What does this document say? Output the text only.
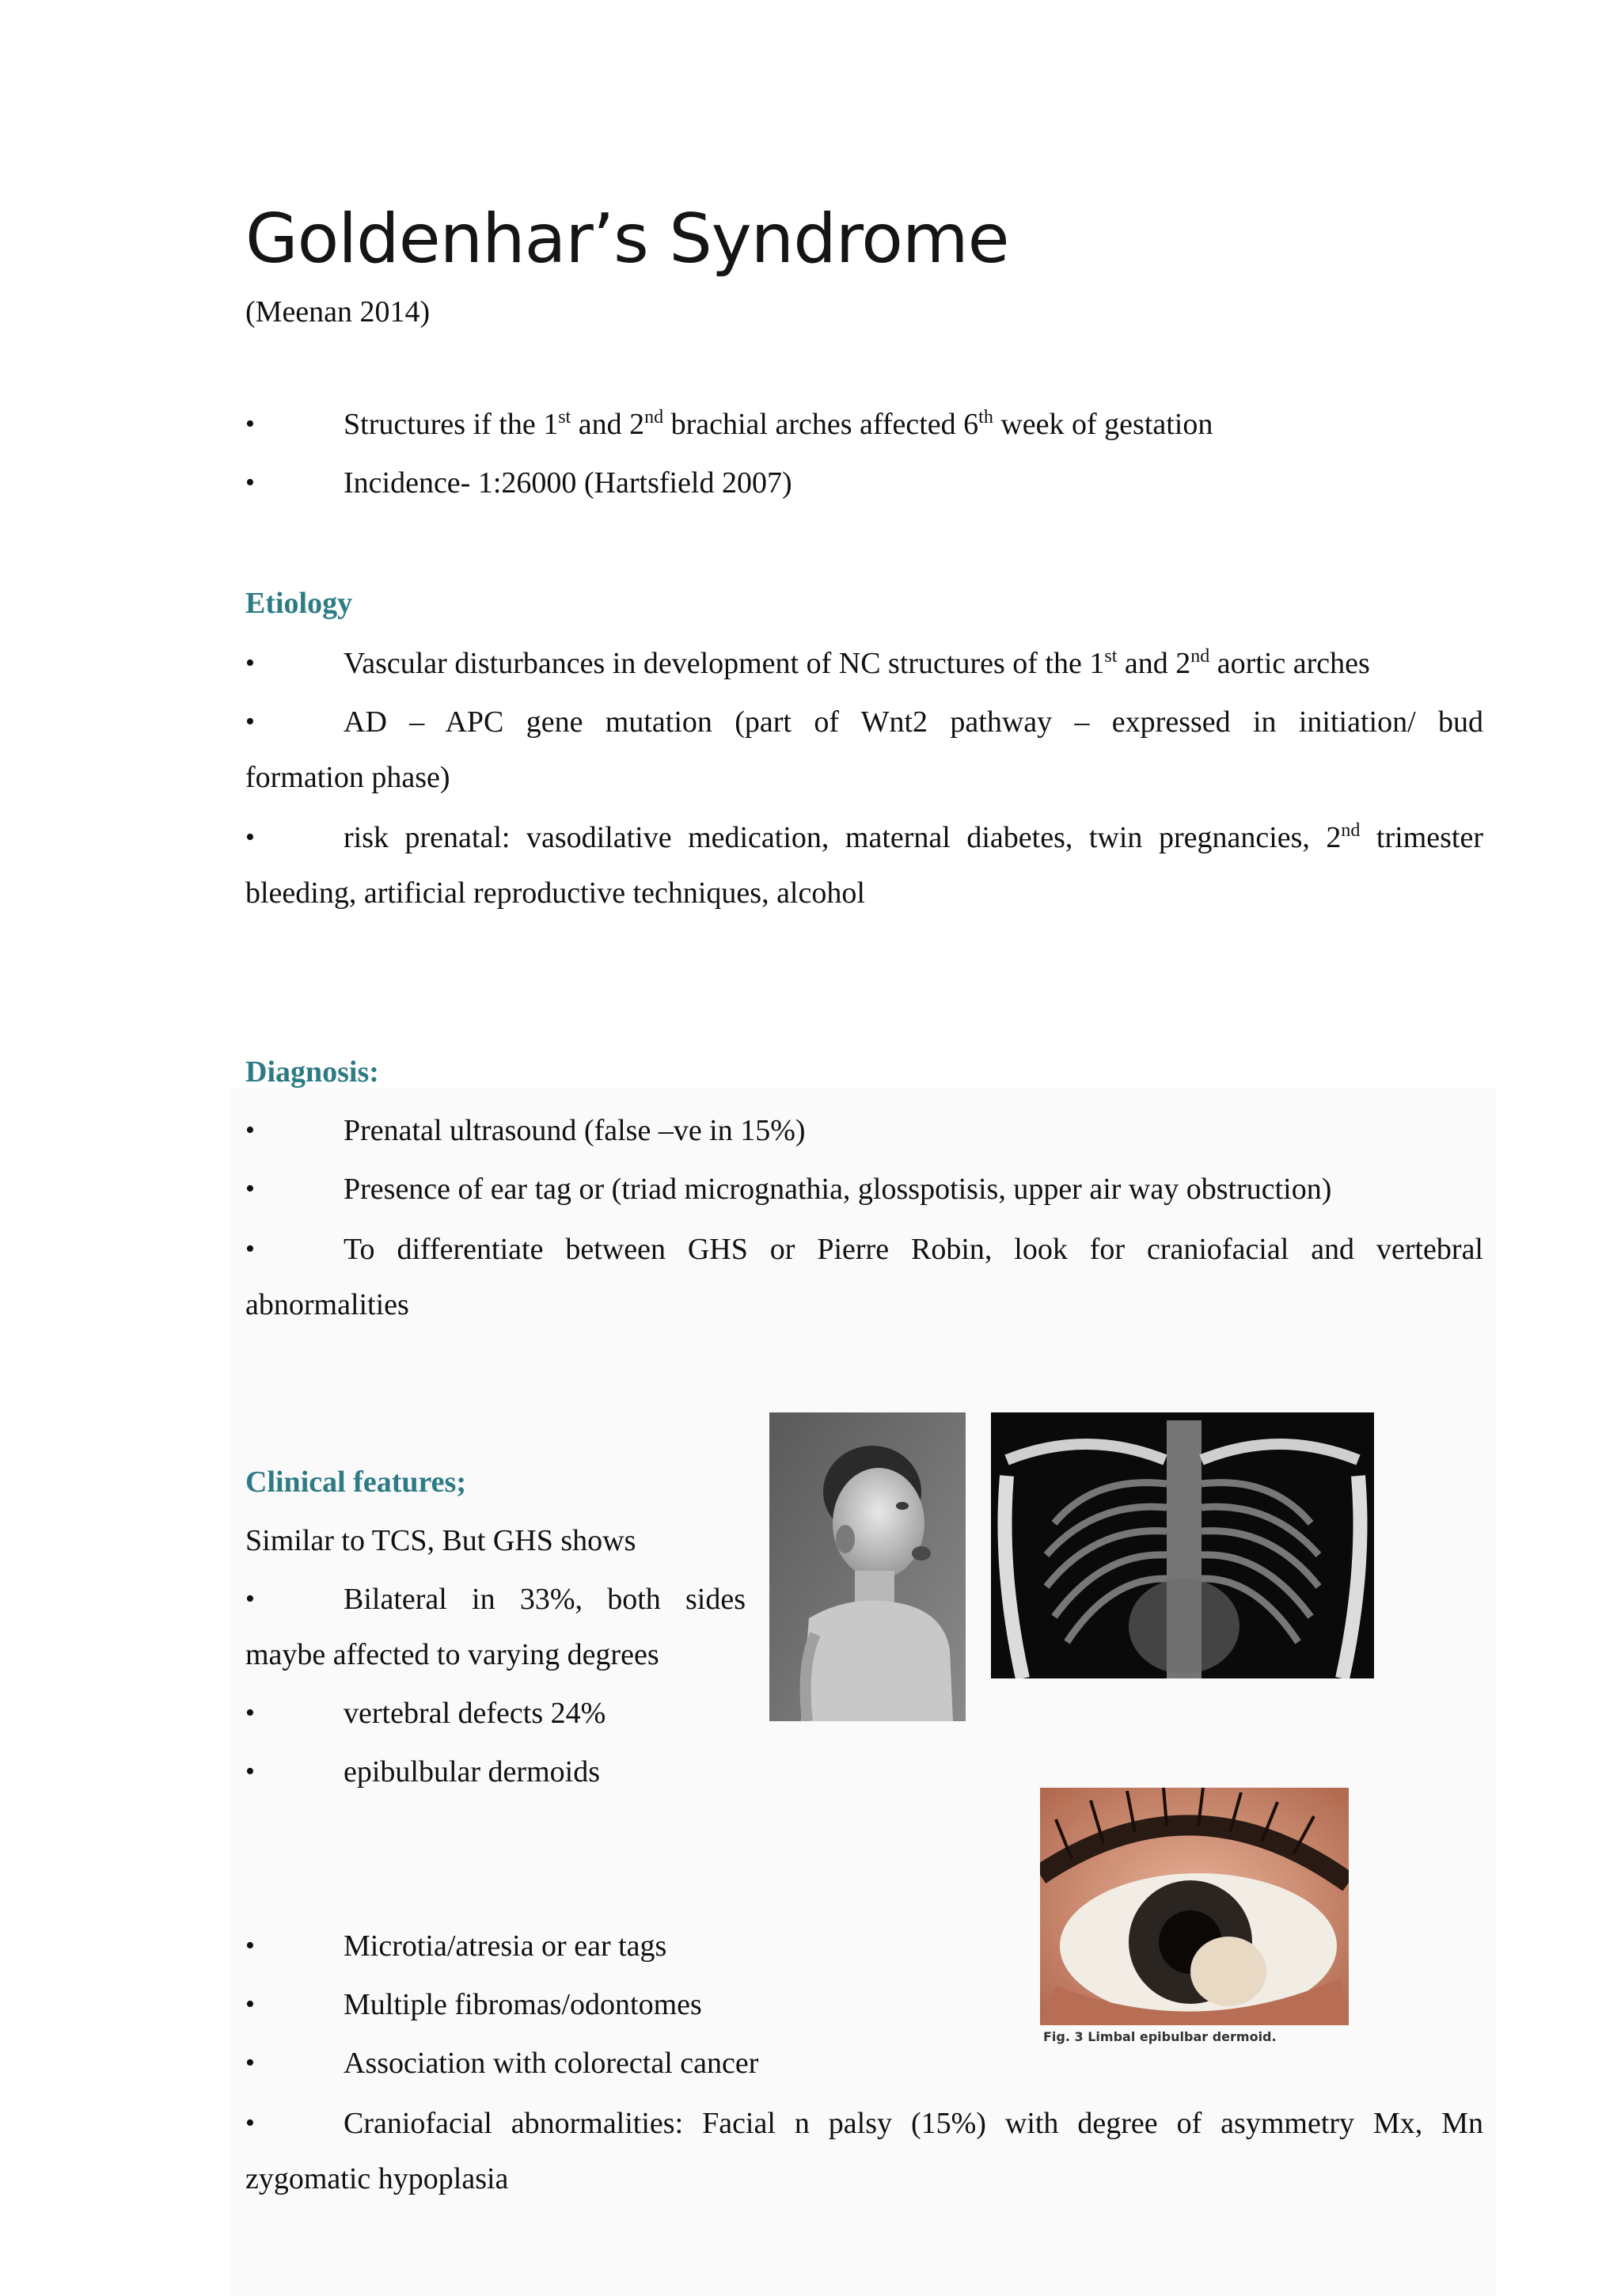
Goldenhar’s Syndrome
(Meenan 2014)
•	Structures if the 1st and 2nd brachial arches affected 6th week of gestation
•	Incidence- 1:26000 (Hartsfield 2007)
Etiology
•	Vascular disturbances in development of NC structures of the 1st and 2nd aortic arches
•	AD – APC gene mutation (part of Wnt2 pathway – expressed in initiation/ bud
formation phase)
•	risk prenatal: vasodilative medication, maternal diabetes, twin pregnancies, 2nd trimester
bleeding, artificial reproductive techniques, alcohol
Diagnosis:
•	Prenatal ultrasound (false –ve in 15%)
•	Presence of ear tag or (triad micrognathia, glosspotisis, upper air way obstruction)
•	To differentiate between GHS or Pierre Robin, look for craniofacial and vertebral
abnormalities
Clinical features;
Similar to TCS, But GHS shows
•	Bilateral in 33%, both sides
maybe affected to varying degrees
•	vertebral defects 24%
•	epibulbular dermoids
•	Microtia/atresia or ear tags
•	Multiple fibromas/odontomes
•	Association with colorectal cancer
•	Craniofacial abnormalities: Facial n palsy (15%) with degree of asymmetry Mx, Mn
zygomatic hypoplasia
Fig. 3 Limbal epibulbar dermoid.
